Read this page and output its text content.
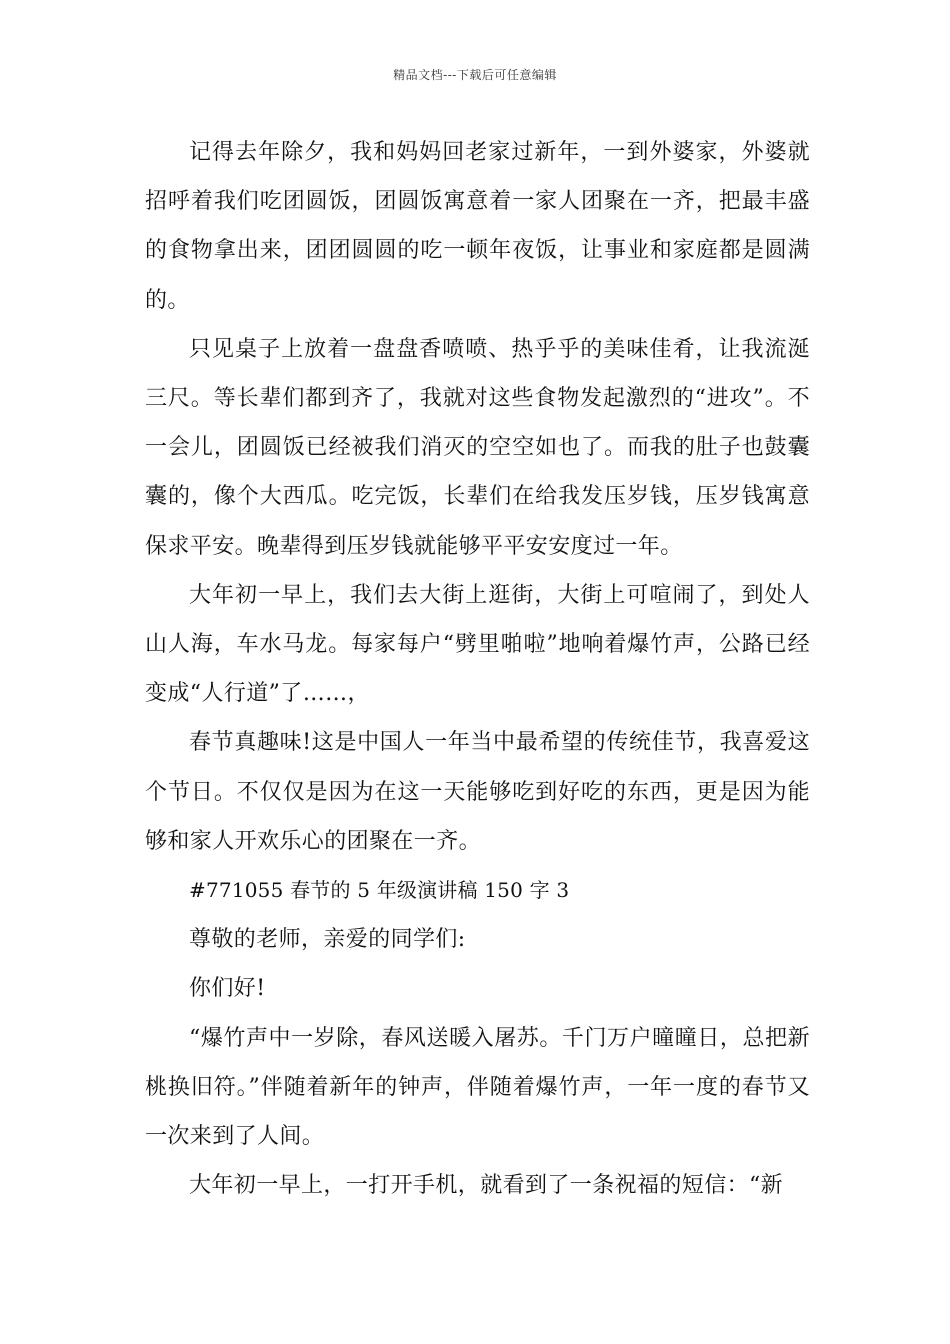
精品文档---下载后可任意编辑

记得去年除夕，我和妈妈回老家过新年，一到外婆家，外婆就招呼着我们吃团圆饭，团圆饭寓意着一家人团聚在一齐，把最丰盛的食物拿出来，团团圆圆的吃一顿年夜饭，让事业和家庭都是圆满的。

只见桌子上放着一盘盘香喷喷、热乎乎的美味佳肴，让我流涎三尺。等长辈们都到齐了，我就对这些食物发起激烈的“进攻”。不一会儿，团圆饭已经被我们消灭的空空如也了。而我的肚子也鼓囊囊的，像个大西瓜。吃完饭，长辈们在给我发压岁钱，压岁钱寓意保求平安。晚辈得到压岁钱就能够平平安安度过一年。

大年初一早上，我们去大街上逛街，大街上可喧闹了，到处人山人海，车水马龙。每家每户“劈里啪啦”地响着爆竹声，公路已经变成“人行道”了……，

春节真趣味!这是中国人一年当中最希望的传统佳节，我喜爱这个节日。不仅仅是因为在这一天能够吃到好吃的东西，更是因为能够和家人开欢乐心的团聚在一齐。

#771055 春节的 5 年级演讲稿 150 字 3

尊敬的老师，亲爱的同学们:

你们好!

“爆竹声中一岁除，春风送暖入屠苏。千门万户曈曈日，总把新桃换旧符。”伴随着新年的钟声，伴随着爆竹声，一年一度的春节又一次来到了人间。

大年初一早上，一打开手机，就看到了一条祝福的短信：“新
